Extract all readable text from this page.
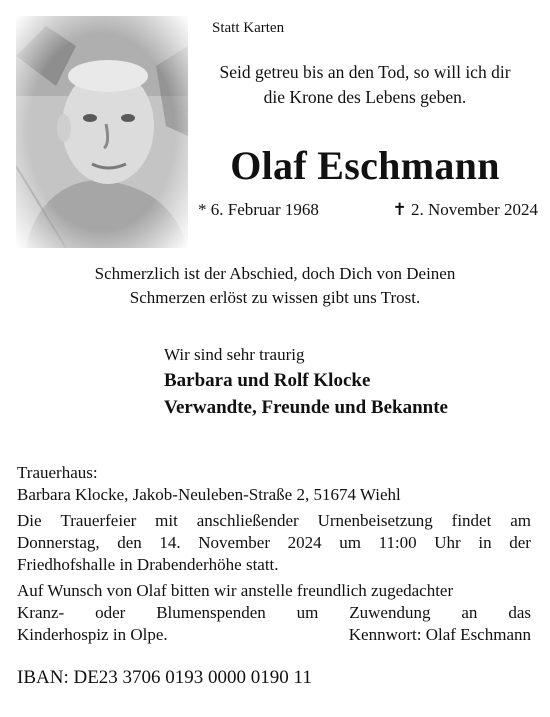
Statt Karten
Seid getreu bis an den Tod, so will ich dir
die Krone des Lebens geben.
Olaf Eschmann
* 6. Februar 1968	✝ 2. November 2024
Schmerzlich ist der Abschied, doch Dich von Deinen
Schmerzen erlöst zu wissen gibt uns Trost.
Wir sind sehr traurig
Barbara und Rolf Klocke
Verwandte, Freunde und Bekannte
Trauerhaus:
Barbara Klocke, Jakob-Neuleben-Straße 2, 51674 Wiehl
Die Trauerfeier mit anschließender Urnenbeisetzung findet am
Donnerstag, den 14. November 2024 um 11:00 Uhr in der
Friedhofshalle in Drabenderhöhe statt.
Auf Wunsch von Olaf bitten wir anstelle freundlich zugedachter
Kranz- oder Blumenspenden um Zuwendung an das
Kinderhospiz in Olpe.	Kennwort: Olaf Eschmann
IBAN: DE23 3706 0193 0000 0190 11
